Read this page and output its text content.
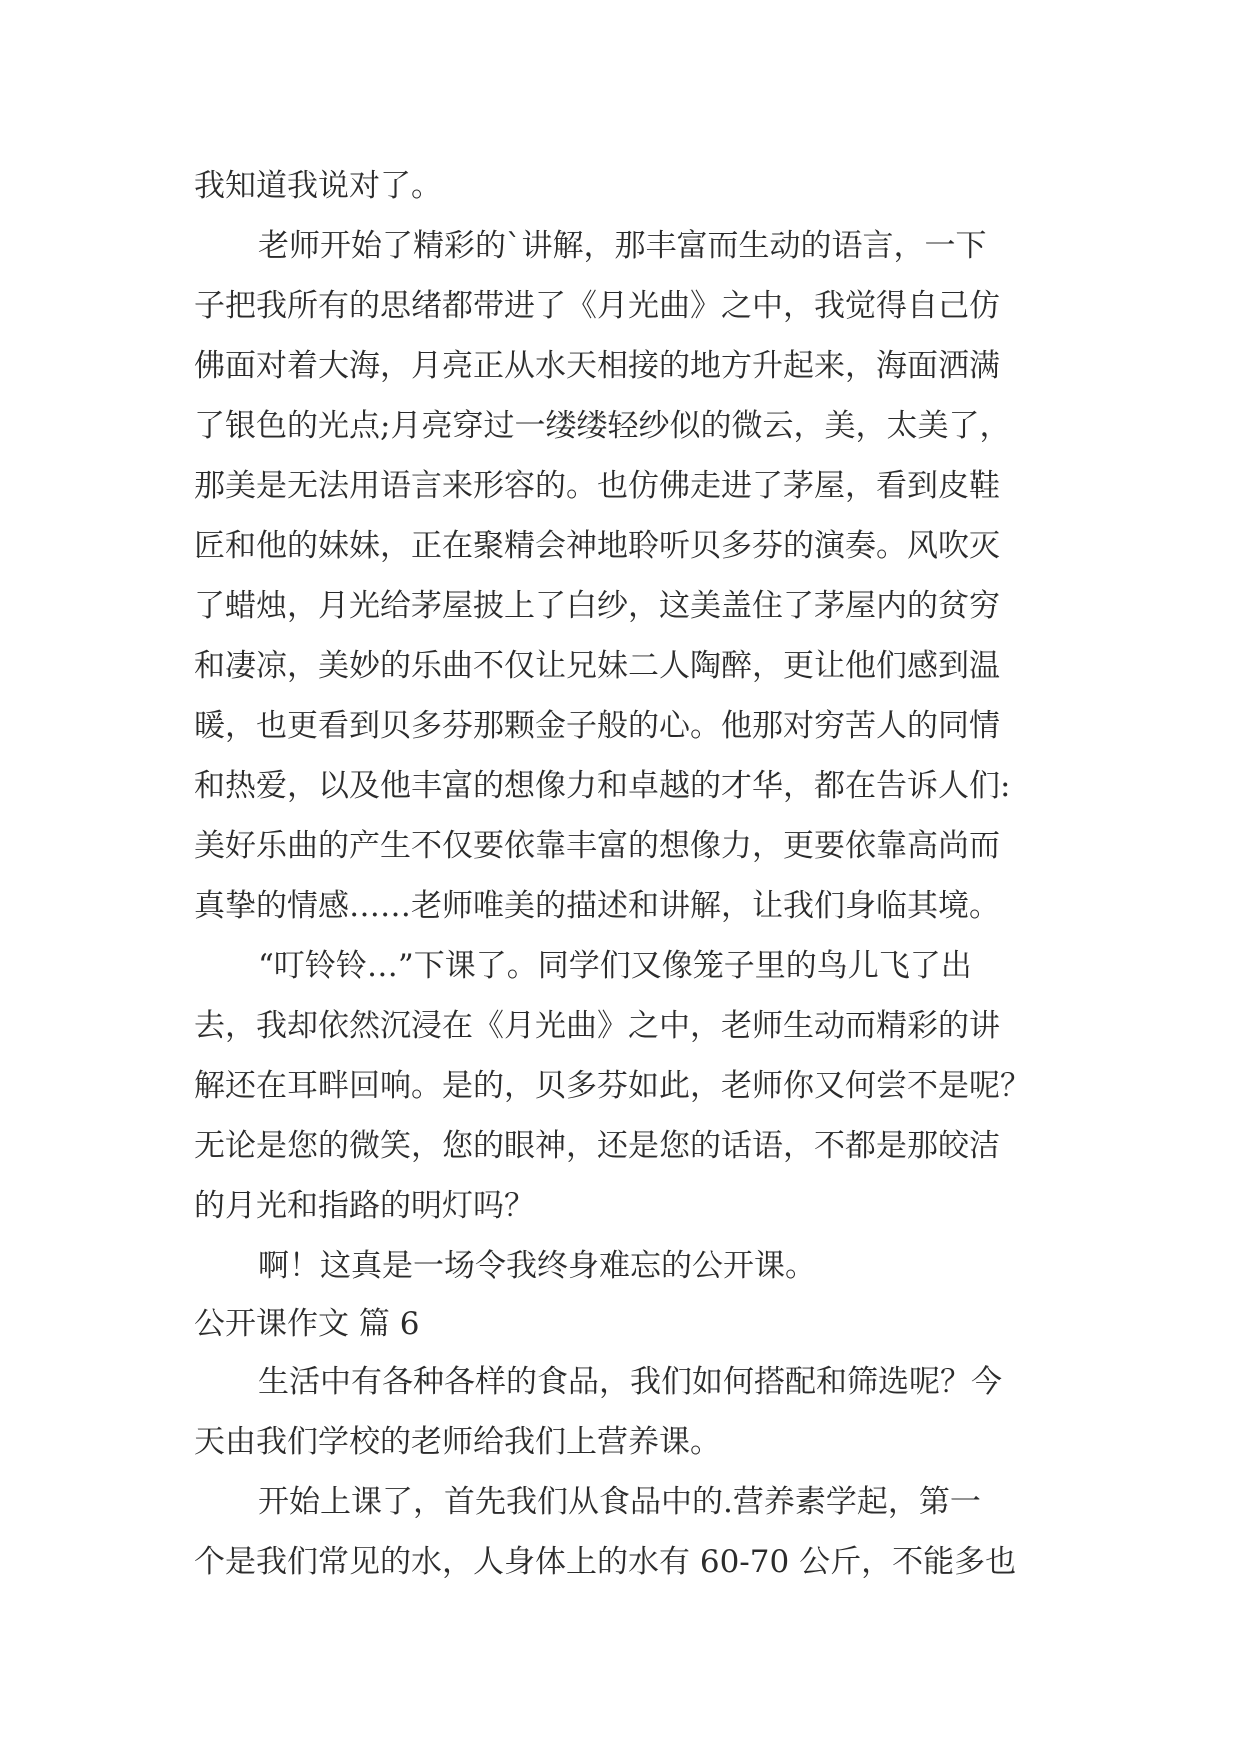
我知道我说对了。
老师开始了精彩的`讲解，那丰富而生动的语言，一下
子把我所有的思绪都带进了《月光曲》之中，我觉得自己仿
佛面对着大海，月亮正从水天相接的地方升起来，海面洒满
了银色的光点;月亮穿过一缕缕轻纱似的微云，美，太美了，
那美是无法用语言来形容的。也仿佛走进了茅屋，看到皮鞋
匠和他的妹妹，正在聚精会神地聆听贝多芬的演奏。风吹灭
了蜡烛，月光给茅屋披上了白纱，这美盖住了茅屋内的贫穷
和凄凉，美妙的乐曲不仅让兄妹二人陶醉，更让他们感到温
暖，也更看到贝多芬那颗金子般的心。他那对穷苦人的同情
和热爱，以及他丰富的想像力和卓越的才华，都在告诉人们:
美好乐曲的产生不仅要依靠丰富的想像力，更要依靠高尚而
真挚的情感……老师唯美的描述和讲解，让我们身临其境。
“叮铃铃…”下课了。同学们又像笼子里的鸟儿飞了出
去，我却依然沉浸在《月光曲》之中，老师生动而精彩的讲
解还在耳畔回响。是的，贝多芬如此，老师你又何尝不是呢？
无论是您的微笑，您的眼神，还是您的话语，不都是那皎洁
的月光和指路的明灯吗？
啊！这真是一场令我终身难忘的公开课。
公开课作文 篇 6
生活中有各种各样的食品，我们如何搭配和筛选呢？今
天由我们学校的老师给我们上营养课。
开始上课了，首先我们从食品中的.营养素学起，第一
个是我们常见的水，人身体上的水有 60-70 公斤，不能多也
